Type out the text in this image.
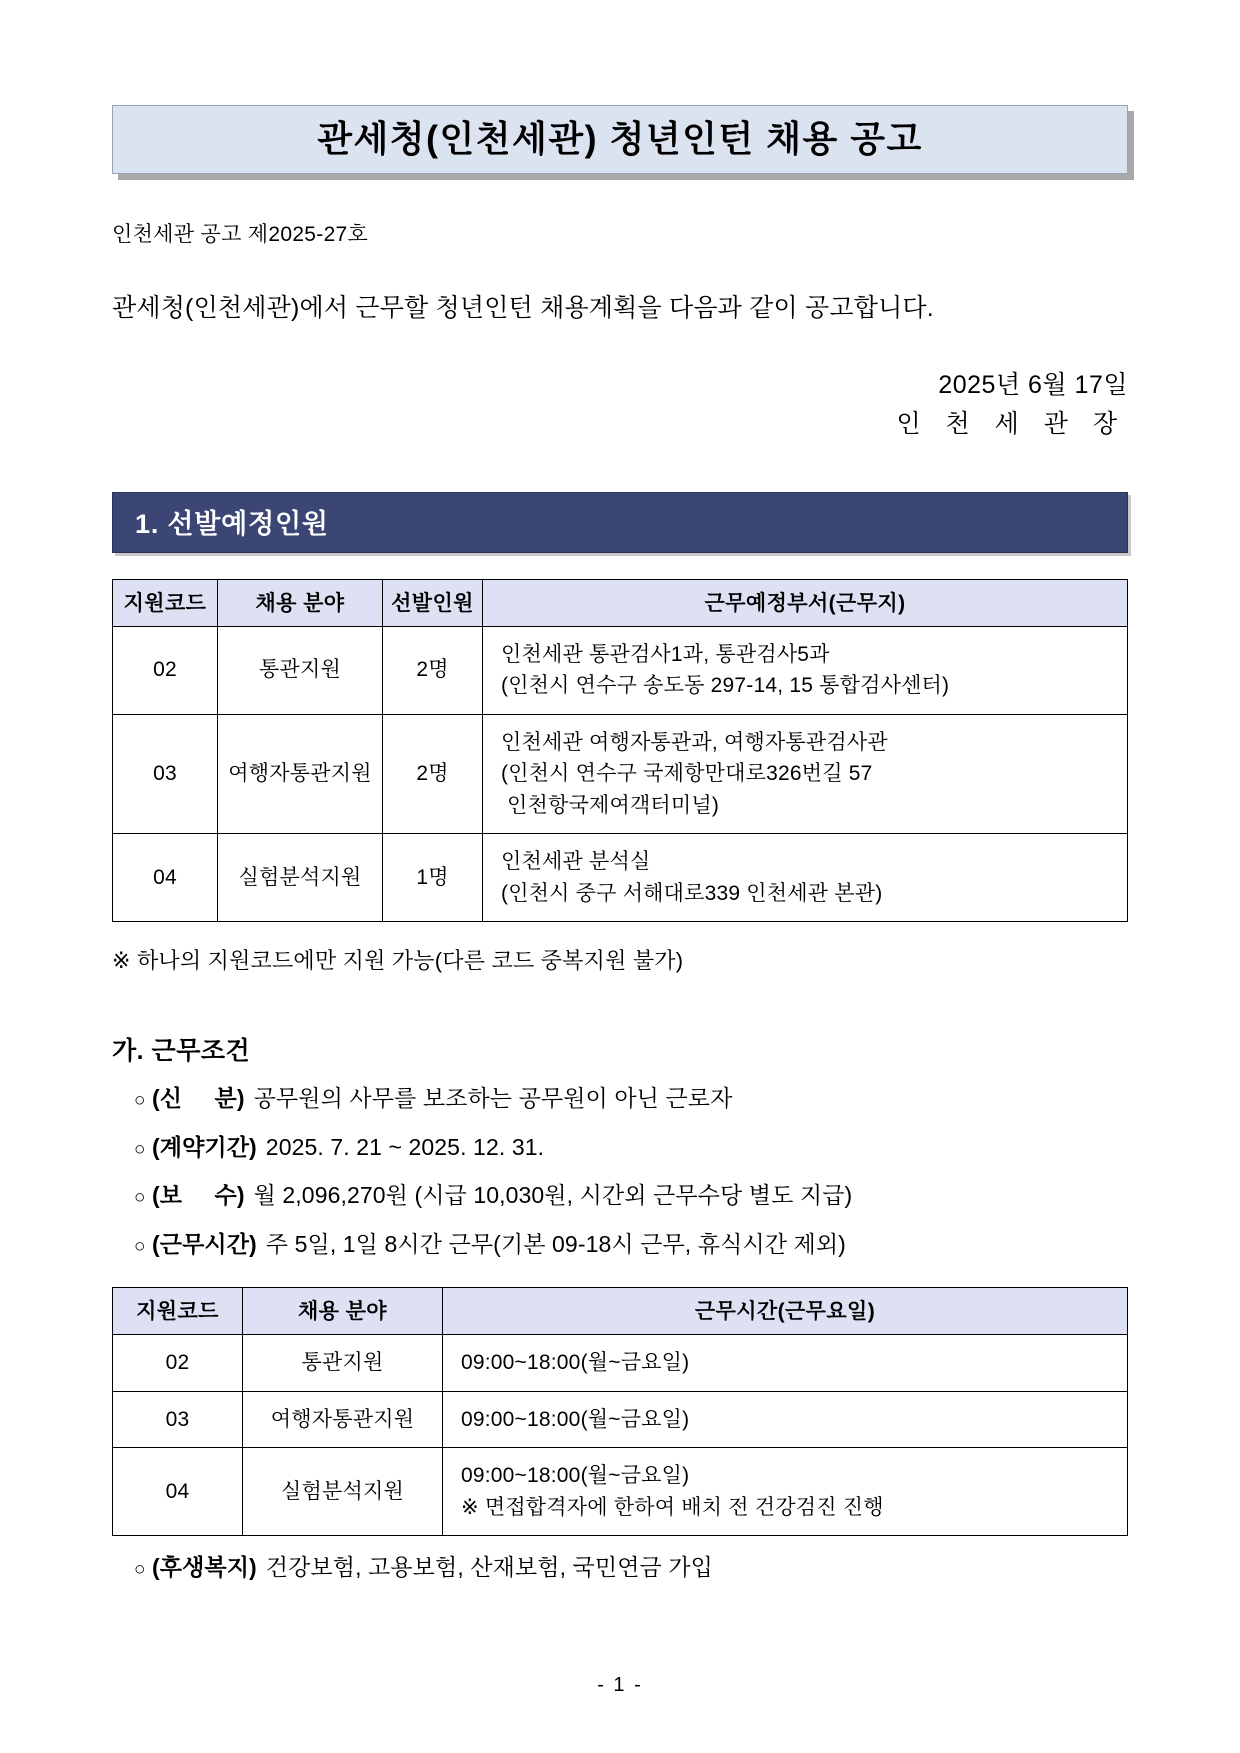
관세청(인천세관) 청년인턴 채용 공고
인천세관 공고 제2025-27호
관세청(인천세관)에서 근무할 청년인턴 채용계획을 다음과 같이 공고합니다.
2025년 6월 17일
인 천 세 관 장
1. 선발예정인원
지원코드	채용 분야	선발인원	근무예정부서(근무지)
02	통관지원	2명	인천세관 통관검사1과, 통관검사5과
(인천시 연수구 송도동 297-14, 15 통합검사센터)

03	여행자통관지원	2명	인천세관 여행자통관과, 여행자통관검사관
(인천시 연수구 국제항만대로326번길 57
인천항국제여객터미널)

04	실험분석지원	1명	인천세관 분석실
(인천시 중구 서해대로339 인천세관 본관)
※ 하나의 지원코드에만 지원 가능(다른 코드 중복지원 불가)
가. 근무조건
○ (신     분) 공무원의 사무를 보조하는 공무원이 아닌 근로자
○ (계약기간) 2025. 7. 21 ~ 2025. 12. 31.
○ (보     수) 월 2,096,270원 (시급 10,030원, 시간외 근무수당 별도 지급)
○ (근무시간) 주 5일, 1일 8시간 근무(기본 09-18시 근무, 휴식시간 제외)
지원코드	채용 분야	근무시간(근무요일)
02	통관지원	09:00~18:00(월~금요일)

03	여행자통관지원	09:00~18:00(월~금요일)

04	실험분석지원	09:00~18:00(월~금요일)
※ 면접합격자에 한하여 배치 전 건강검진 진행
○ (후생복지) 건강보험, 고용보험, 산재보험, 국민연금 가입
- 1 -
